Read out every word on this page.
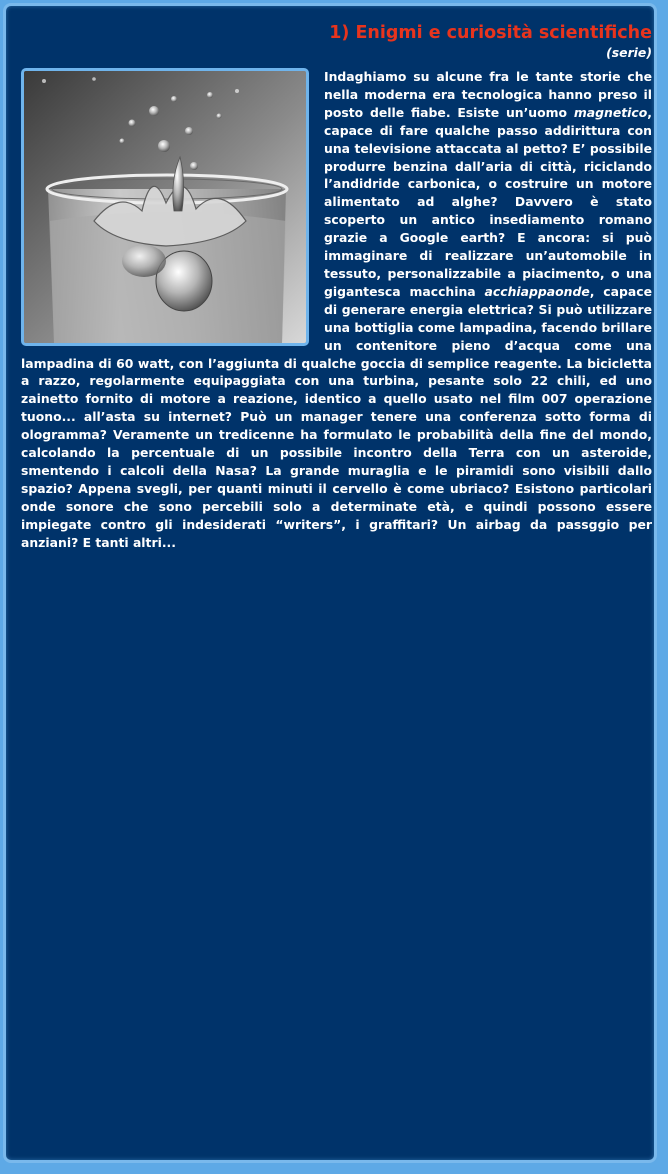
1) Enigmi e curiosità scientifiche
(serie)

Indaghiamo su alcune fra le tante storie che nella moderna era tecnologica hanno preso il posto delle fiabe. Esiste un’uomo magnetico, capace di fare qualche passo addirittura con una televisione attaccata al petto? E’ possibile produrre benzina dall’aria di città, riciclando l’andidride carbonica, o costruire un motore alimentato ad alghe? Davvero è stato scoperto un antico insediamento romano grazie a Google earth? E ancora: si può immaginare di realizzare un’automobile in tessuto, personalizzabile a piacimento, o una gigantesca macchina acchiappaonde, capace di generare energia elettrica? Si può utilizzare una bottiglia come lampadina, facendo brillare un contenitore pieno d’acqua come una lampadina di 60 watt, con l’aggiunta di qualche goccia di semplice reagente. La bicicletta a razzo, regolarmente equipaggiata con una turbina, pesante solo 22 chili, ed uno zainetto fornito di motore a reazione, identico a quello usato nel film 007 operazione tuono... all’asta su internet? Può un manager tenere una conferenza sotto forma di ologramma? Veramente un tredicenne ha formulato le probabilità della fine del mondo, calcolando la percentuale di un possibile incontro della Terra con un asteroide, smentendo i calcoli della Nasa? La grande muraglia e le piramidi sono visibili dallo spazio? Appena svegli, per quanti minuti il cervello è come ubriaco? Esistono particolari onde sonore che sono percebili solo a determinate età, e quindi possono essere impiegate contro gli indesiderati “writers”, i graffitari? Un airbag da passggio per anziani? E tanti altri...
